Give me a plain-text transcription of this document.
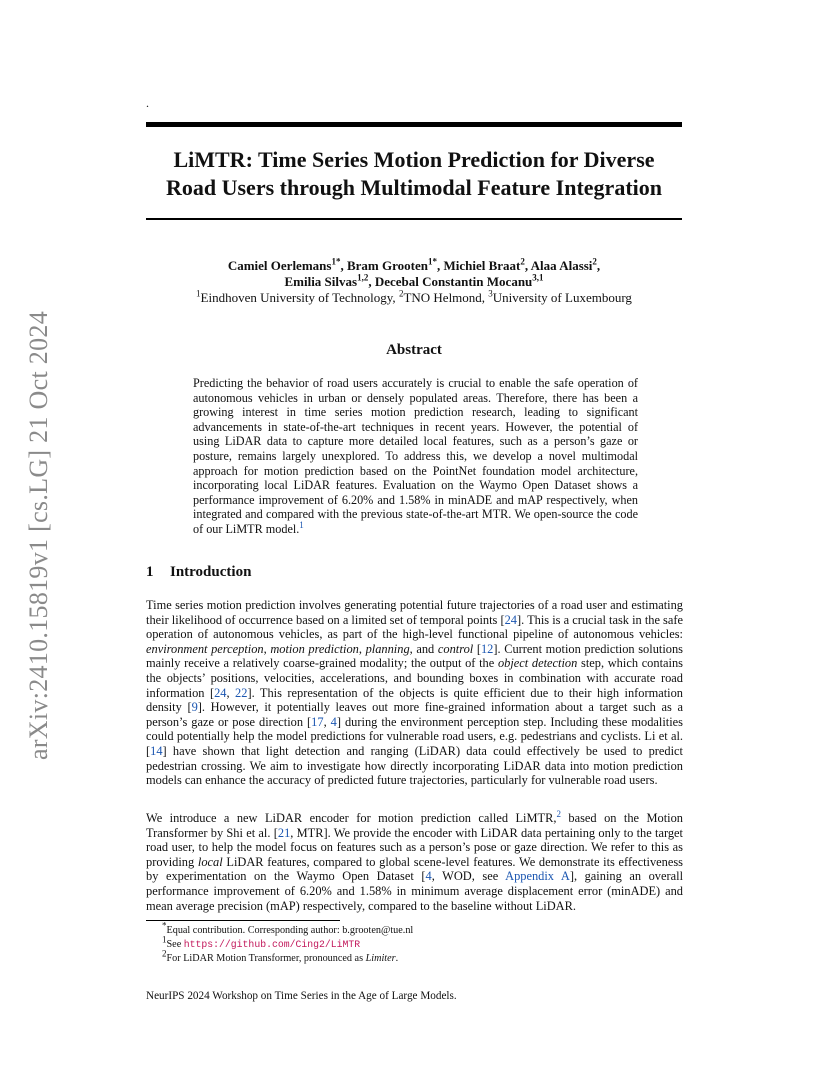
.
arXiv:2410.15819v1 [cs.LG] 21 Oct 2024
LiMTR: Time Series Motion Prediction for Diverse
Road Users through Multimodal Feature Integration
Camiel Oerlemans$^{1*}$, Bram Grooten$^{1*}$, Michiel Braat$^2$, Alaa Alassi$^2$,
Emilia Silvas$^{1,2}$, Decebal Constantin Mocanu$^{3,1}$
$^1$Eindhoven University of Technology, $^2$TNO Helmond, $^3$University of Luxembourg
Abstract
Predicting the behavior of road users accurately is crucial to enable the safe operation of autonomous vehicles in urban or densely populated areas. Therefore, there has been a growing interest in time series motion prediction research, leading to significant advancements in state-of-the-art techniques in recent years. However, the potential of using LiDAR data to capture more detailed local features, such as a person’s gaze or posture, remains largely unexplored. To address this, we develop a novel multimodal approach for motion prediction based on the PointNet foundation model architecture, incorporating local LiDAR features. Evaluation on the Waymo Open Dataset shows a performance improvement of 6.20% and 1.58% in minADE and mAP respectively, when integrated and compared with the previous state-of-the-art MTR. We open-source the code of our LiMTR model.$^1$
1 Introduction
Time series motion prediction involves generating potential future trajectories of a road user and estimating their likelihood of occurrence based on a limited set of temporal points [24]. This is a crucial task in the safe operation of autonomous vehicles, as part of the high-level functional pipeline of autonomous vehicles: environment perception, motion prediction, planning, and control [12]. Current motion prediction solutions mainly receive a relatively coarse-grained modality; the output of the object detection step, which contains the objects’ positions, velocities, accelerations, and bounding boxes in combination with accurate road information [24, 22]. This representation of the objects is quite efficient due to their high information density [9]. However, it potentially leaves out more fine-grained information about a target such as a person’s gaze or pose direction [17, 4] during the environment perception step. Including these modalities could potentially help the model predictions for vulnerable road users, e.g. pedestrians and cyclists. Li et al. [14] have shown that light detection and ranging (LiDAR) data could effectively be used to predict pedestrian crossing. We aim to investigate how directly incorporating LiDAR data into motion prediction models can enhance the accuracy of predicted future trajectories, particularly for vulnerable road users.
We introduce a new LiDAR encoder for motion prediction called LiMTR,$^2$ based on the Motion Transformer by Shi et al. [21, MTR]. We provide the encoder with LiDAR data pertaining only to the target road user, to help the model focus on features such as a person’s pose or gaze direction. We refer to this as providing local LiDAR features, compared to global scene-level features. We demonstrate its effectiveness by experimentation on the Waymo Open Dataset [4, WOD, see Appendix A], gaining an overall performance improvement of 6.20% and 1.58% in minimum average displacement error (minADE) and mean average precision (mAP) respectively, compared to the baseline without LiDAR.
*Equal contribution. Corresponding author: b.grooten@tue.nl
$^1$See https://github.com/Cing2/LiMTR
$^2$For LiDAR Motion Transformer, pronounced as Limiter.
NeurIPS 2024 Workshop on Time Series in the Age of Large Models.
